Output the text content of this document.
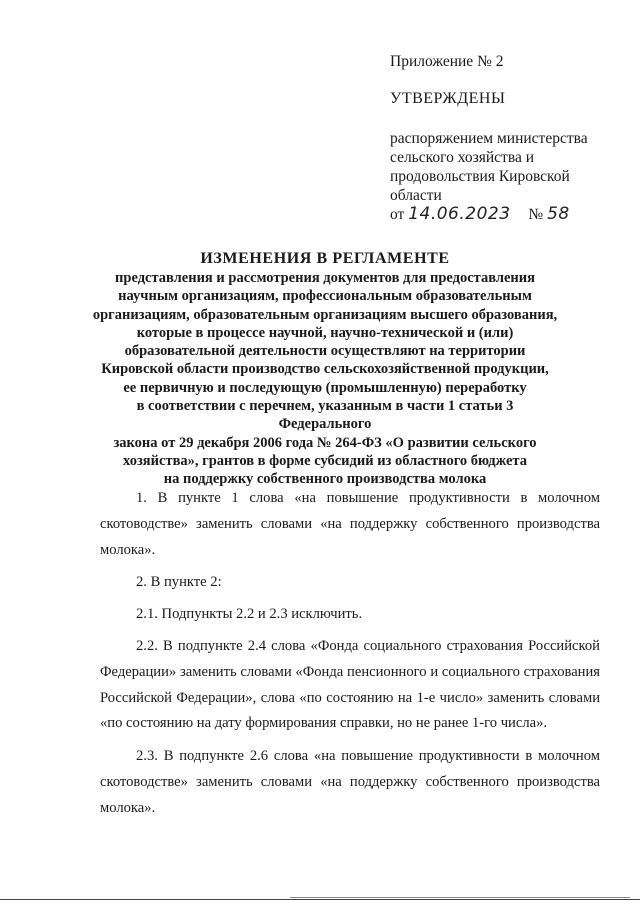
Приложение № 2
УТВЕРЖДЕНЫ
распоряжением министерства
сельского хозяйства и
продовольствия Кировской
области
от 14.06.2023 № 58
ИЗМЕНЕНИЯ В РЕГЛАМЕНТЕ
представления и рассмотрения документов для предоставления
научным организациям, профессиональным образовательным
организациям, образовательным организациям высшего образования,
которые в процессе научной, научно-технической и (или)
образовательной деятельности осуществляют на территории
Кировской области производство сельскохозяйственной продукции,
ее первичную и последующую (промышленную) переработку
в соответствии с перечнем, указанным в части 1 статьи 3 Федерального
закона от 29 декабря 2006 года № 264-ФЗ «О развитии сельского
хозяйства», грантов в форме субсидий из областного бюджета
на поддержку собственного производства молока

1. В пункте 1 слова «на повышение продуктивности в молочном скотоводстве» заменить словами «на поддержку собственного производства молока».

2. В пункте 2:

2.1. Подпункты 2.2 и 2.3 исключить.

2.2. В подпункте 2.4 слова «Фонда социального страхования Российской Федерации» заменить словами «Фонда пенсионного и социального страхования Российской Федерации», слова «по состоянию на 1-е число» заменить словами «по состоянию на дату формирования справки, но не ранее 1-го числа».

2.3. В подпункте 2.6 слова «на повышение продуктивности в молочном скотоводстве» заменить словами «на поддержку собственного производства молока».
